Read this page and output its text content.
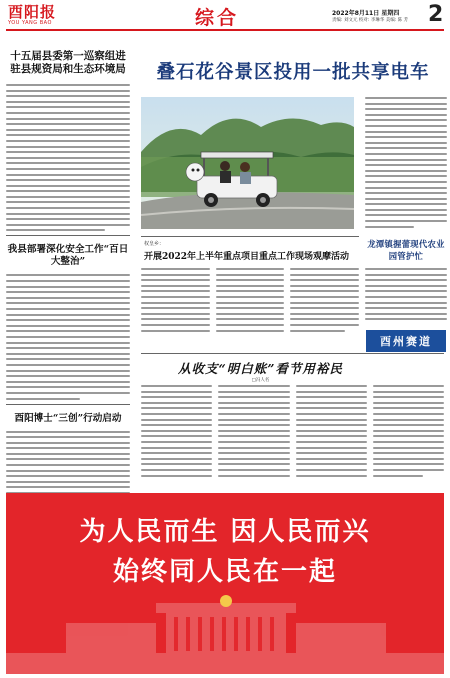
酉阳报
YOU YANG BAO	综合	2022年8月11日 星期四
责编: 刘文元 校对: 李琳华 美编: 陈 芳 2
十五届县委第一巡察组进驻县规资局和生态环境局
我县部署深化安全工作“百日大整治”
酉阳博士“三创”行动启动
叠石花谷景区投用一批共享电车
权皇乡：
开展2022年上半年重点项目重点工作现场观摩活动
龙潭镇握蕾现代农业园管护忙
酉州赛道
从收支“明白账”看节用裕民
□冯人名
为人民而生 因人民而兴
始终同人民在一起
